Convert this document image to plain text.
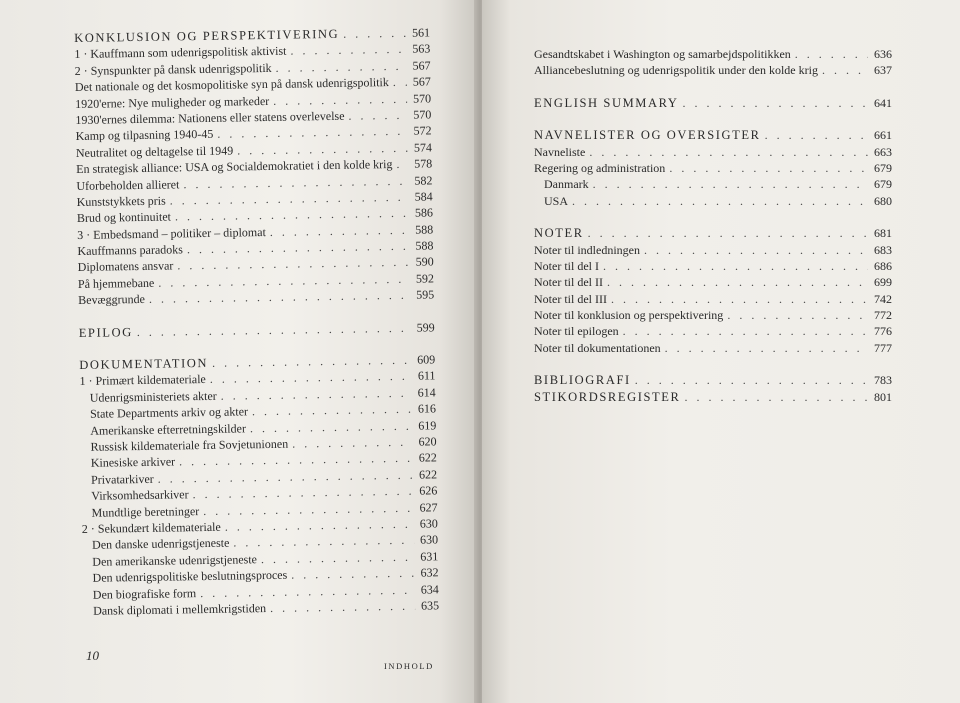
KONKLUSION OG PERSPEKTIVERING . . .	561
1 · Kauffmann som udenrigspolitisk aktivist . . .	563
2 · Synspunkter på dansk udenrigspolitik . . .	567
Det nationale og det kosmopolitiske syn på dansk udenrigspolitik . . . 567
1920'erne: Nye muligheder og markeder . . .	570
1930'ernes dilemma: Nationens eller statens overlevelse . . .	570
Kamp og tilpasning 1940-45 . . .	572
Neutralitet og deltagelse til 1949 . . .	574
En strategisk alliance: USA og Socialdemokratiet i den kolde krig . . . 578
Uforbeholden allieret . . .	582
Kunststykkets pris . . .	584
Brud og kontinuitet . . .	586
3 · Embedsmand – politiker – diplomat . . .	588
Kauffmanns paradoks . . .	588
Diplomatens ansvar . . .	590
På hjemmebane . . .	592
Bevæggrunde . . .	595
EPILOG . . .	599
DOKUMENTATION . . .	609
1 · Primært kildemateriale . . .	611
Udenrigsministeriets akter . . .	614
State Departments arkiv og akter . . .	616
Amerikanske efterretningskilder . . .	619
Russisk kildemateriale fra Sovjetunionen . . .	620
Kinesiske arkiver . . .	622
Privatarkiver . . .	622
Virksomhedsarkiver . . .	626
Mundtlige beretninger . . .	627
2 · Sekundært kildemateriale . . .	630
Den danske udenrigstjeneste . . .	630
Den amerikanske udenrigstjeneste . . .	631
Den udenrigspolitiske beslutningsproces . . .	632
Den biografiske form . . .	634
Dansk diplomati i mellemkrigstiden . . .	635
10
INDHOLD
Gesandtskabet i Washington og samarbejdspolitikken . . .	636
Alliancebeslutning og udenrigspolitik under den kolde krig . . .	637
ENGLISH SUMMARY . . .	641
NAVNELISTER OG OVERSIGTER . . .	661
Navneliste . . .	663
Regering og administration . . .	679
Danmark . . .	679
USA . . .	680
NOTER . . .	681
Noter til indledningen . . .	683
Noter til del I . . .	686
Noter til del II . . .	699
Noter til del III . . .	742
Noter til konklusion og perspektivering . . .	772
Noter til epilogen . . .	776
Noter til dokumentationen . . .	777
BIBLIOGRAFI . . .	783
STIKORDSREGISTER . . .	801
